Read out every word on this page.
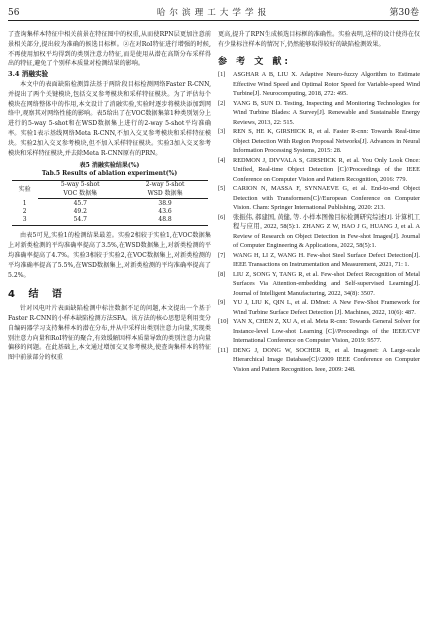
56	哈尔滨理工大学学报	第30卷

了查询集样本特征中相关前景在特征图中的权重,从而使RPN层更加注意前景相关部分,提出较为准确的候选目标框。②在对RoI特征进行增强的时候,不再使用加权平均得到的类别注意力特征,而是使用从潜在高斯分布采样得出的特征,避免了个别样本质量对检测结果的影响。

3.4 消融实验

本文中的表面缺陷检测算法基于两阶段目标检测网络Faster R-CNN,并提出了两个关键模块,包括交叉参考模块和采样特征模块。为了评估每个模块在网络整体中的作用,本文设计了消融实验,实验时逐步将模块添加到网络中,观察其对网络性能的影响。表5给出了在VOC数据集第1种类别划分上进行的5-way 5-shot和在WSD数据集上进行的2-way 5-shot平均准确率。实验1表示基线网络Meta R-CNN,不加入交叉参考模块和采样特征模块。实验2加入交叉参考模块,但不加入采样特征模块。实验3加入交叉参考模块和采样特征模块,并去除Meta R-CNN原有的PRN。

表5 消融实验结果(%)
Tab.5 Results of ablation experiment(%)
实验	5-way 5-shot	2-way 5-shot
	VOC 数据集	WSD 数据集
1	45.7	38.9
2	49.2	43.6
3	54.7	48.8

由表5可见,实验1的检测结果最差。实验2相较于实验1,在VOC数据集上对新类检测的平均准确率提高了3.5%,在WSD数据集上,对新类检测的平均准确率提高了4.7%。实验3相较于实验2,在VOC数据集上,对新类检测的平均准确率提高了5.5%,在WSD数据集上,对新类检测的平均准确率提高了5.2%。

4 结 语

针对风电叶片表面缺陷检测中标注数据不足的问题,本文提出一个基于Faster R-CNN的小样本缺陷检测方法SFA。该方法的核心思想是利用变分自编码器学习支持集样本的潜在分布,并从中采样出类别注意力向量,实现类别注意力向量和RoI特征的聚合,有效缓解因样本质量导致的类别注意力向量偏移的问题。在此基础上,本文通过增加交叉参考模块,使查询集样本的特征图中前景部分的权重

更高,提升了RPN生成候选目标框的准确性。实验表明,这样的设计使得在仅有少量标注样本的情况下,仍然能够取得较好的缺陷检测效果。

参 考 文 献:
[1]	ASGHAR A B, LIU X. Adaptive Neuro-fuzzy Algorithm to Estimate Effective Wind Speed and Optimal Rotor Speed for Variable-speed Wind Turbine[J]. Neurocomputing, 2018, 272: 495.
[2]	YANG B, SUN D. Testing, Inspecting and Monitoring Technologies for Wind Turbine Blades: A Survey[J]. Renewable and Sustainable Energy Reviews, 2013, 22: 515.
[3]	REN S, HE K, GIRSHICK R, et al. Faster R-cnn: Towards Real-time Object Detection With Region Proposal Networks[J]. Advances in Neural Information Processing Systems, 2015: 28.
[4]	REDMON J, DIVVALA S, GIRSHICK R, et al. You Only Look Once: Unified, Real-time Object Detection [C]//Proceedings of the IEEE Conference on Computer Vision and Pattern Recognition, 2016: 779.
[5]	CARION N, MASSA F, SYNNAEVE G, et al. End-to-end Object Detection with Transformers[C]//European Conference on Computer Vision. Cham: Springer International Publishing, 2020: 213.
[6]	张振伟, 郝建国, 黄健, 等. 小样本图像目标检测研究综述[J]. 计算机工程与应用, 2022, 58(5):1. ZHANG Z W, HAO J G, HUANG J, et al. A Review of Research on Object Detection in Few-shot Images[J]. Journal of Computer Engineering & Applications, 2022, 58(5):1.
[7]	WANG H, LI Z, WANG H. Few-shot Steel Surface Defect Detection[J]. IEEE Transactions on Instrumentation and Measurement, 2021, 71: 1.
[8]	LIU Z, SONG Y, TANG R, et al. Few-shot Defect Recognition of Metal Surfaces Via Attention-embedding and Self-supervised Learning[J]. Journal of Intelligent Manufacturing, 2022, 34(8): 3507.
[9]	YU J, LIU K, QIN L, et al. DMnet: A New Few-Shot Framework for Wind Turbine Surface Defect Detection [J]. Machines, 2022, 10(6): 487.
[10] YAN X, CHEN Z, XU A, et al. Meta R-cnn: Towards General Solver for Instance-level Low-shot Learning [C]//Proceedings of the IEEE/CVF International Conference on Computer Vision, 2019: 9577.
[11] DENG J, DONG W, SOCHER R, et al. Imagenet: A Large-scale Hierarchical Image Database[C]//2009 IEEE Conference on Computer Vision and Pattern Recognition. Ieee, 2009: 248.
